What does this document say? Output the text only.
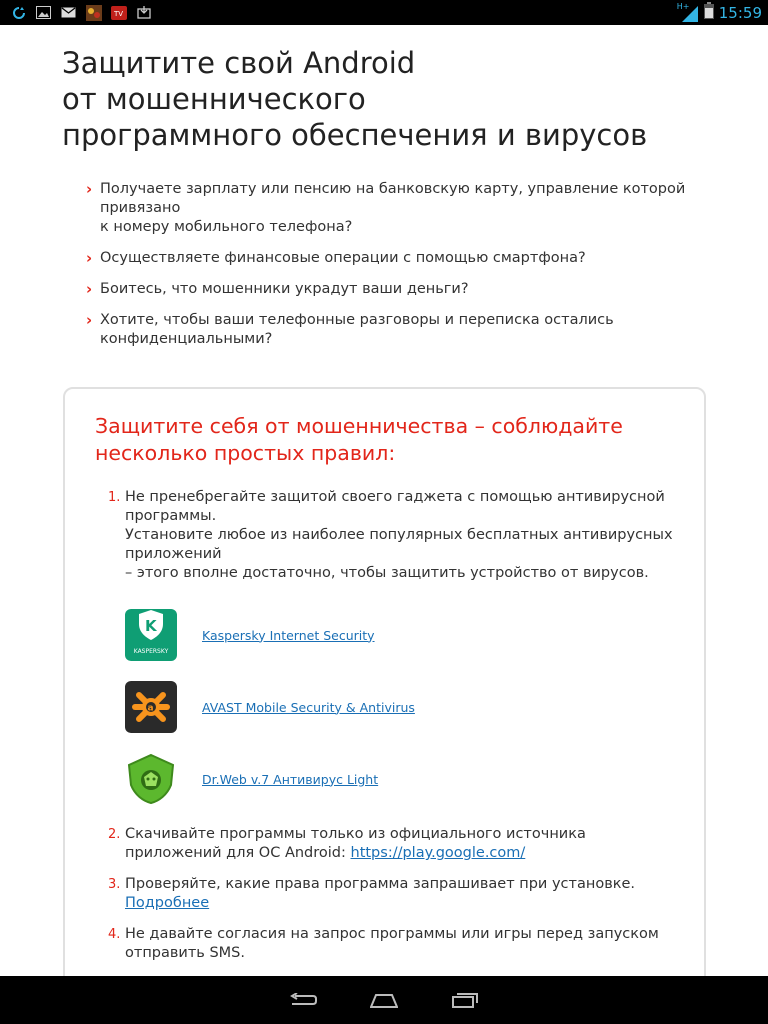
TV
H+ 15:59
Защитите свой Android
от мошеннического
программного обеспечения и вирусов
› Получаете зарплату или пенсию на банковскую карту, управление которой привязано
к номеру мобильного телефона?
› Осуществляете финансовые операции с помощью смартфона?
› Боитесь, что мошенники украдут ваши деньги?
› Хотите, чтобы ваши телефонные разговоры и переписка остались конфиденциальными?
Защитите себя от мошенничества – соблюдайте
несколько простых правил:
1. Не пренебрегайте защитой своего гаджета с помощью антивирусной программы.
Установите любое из наиболее популярных бесплатных антивирусных приложений
– этого вполне достаточно, чтобы защитить устройство от вирусов.
K
KASPERSKY
Kaspersky Internet Security
a	AVAST Mobile Security & Antivirus
Dr.Web v.7 Антивирус Light
2. Скачивайте программы только из официального источника приложений для ОС Android: https://play.google.com/
3. Проверяйте, какие права программа запрашивает при установке.
Подробнее
4. Не давайте согласия на запрос программы или игры перед запуском отправить SMS.
